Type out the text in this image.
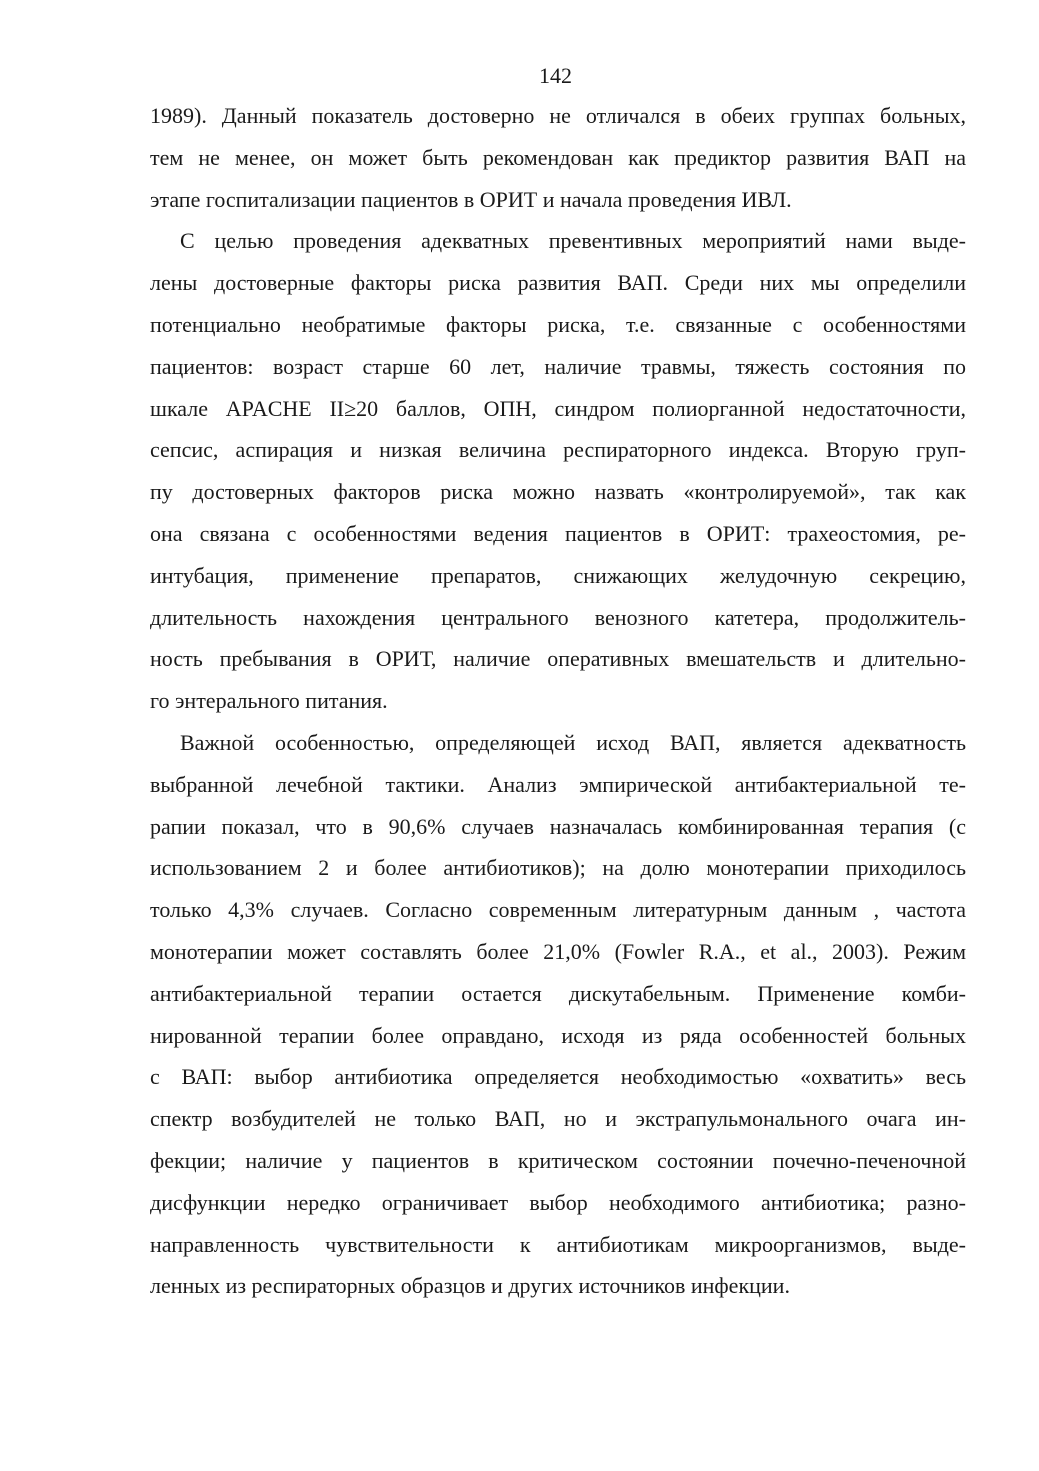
142
1989). Данный показатель достоверно не отличался в обеих группах больных,
тем не менее, он может быть рекомендован как предиктор развития ВАП на
этапе госпитализации пациентов в ОРИТ и начала проведения ИВЛ.
С целью проведения адекватных превентивных мероприятий нами выде-
лены достоверные факторы риска развития ВАП. Среди них мы определили
потенциально необратимые факторы риска, т.е. связанные с особенностями
пациентов: возраст старше 60 лет, наличие травмы, тяжесть состояния по
шкале APACHE II≥20 баллов, ОПН, синдром полиорганной недостаточности,
сепсис, аспирация и низкая величина респираторного индекса. Вторую груп-
пу достоверных факторов риска можно назвать «контролируемой», так как
она связана с особенностями ведения пациентов в ОРИТ: трахеостомия, ре-
интубация, применение препаратов, снижающих желудочную секрецию,
длительность нахождения центрального венозного катетера, продолжитель-
ность пребывания в ОРИТ, наличие оперативных вмешательств и длительно-
го энтерального питания.
Важной особенностью, определяющей исход ВАП, является адекватность
выбранной лечебной тактики. Анализ эмпирической антибактериальной те-
рапии показал, что в 90,6% случаев назначалась комбинированная терапия (с
использованием 2 и более антибиотиков); на долю монотерапии приходилось
только 4,3% случаев. Согласно современным литературным данным , частота
монотерапии может составлять более 21,0% (Fowler R.A., et al., 2003). Режим
антибактериальной терапии остается дискутабельным. Применение комби-
нированной терапии более оправдано, исходя из ряда особенностей больных
с ВАП: выбор антибиотика определяется необходимостью «охватить» весь
спектр возбудителей не только ВАП, но и экстрапульмонального очага ин-
фекции; наличие у пациентов в критическом состоянии почечно-печеночной
дисфункции нередко ограничивает выбор необходимого антибиотика; разно-
направленность чувствительности к антибиотикам микроорганизмов, выде-
ленных из респираторных образцов и других источников инфекции.
